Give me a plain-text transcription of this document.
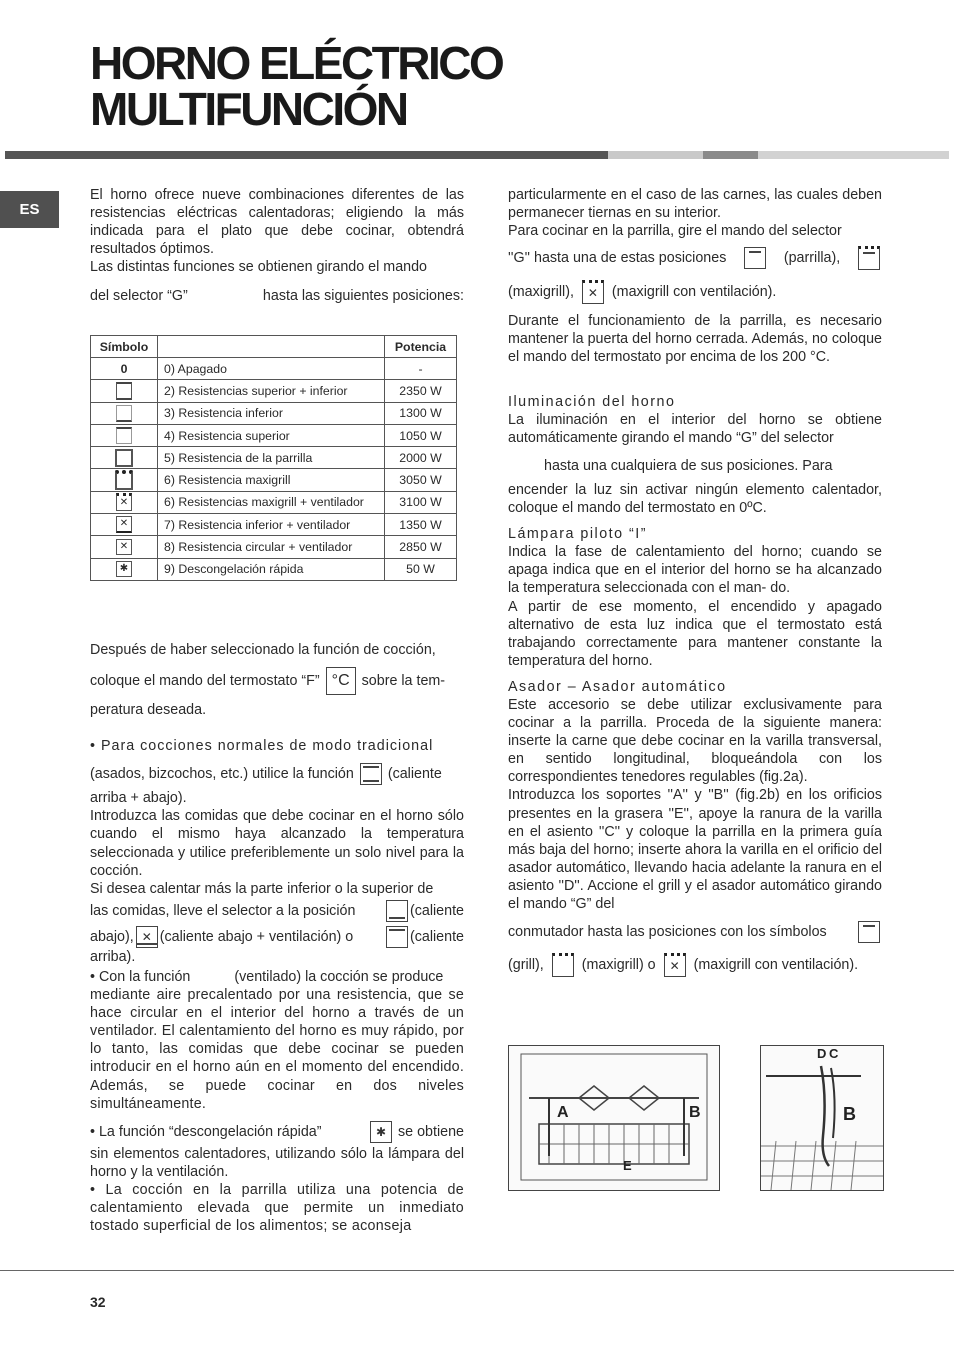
HORNO ELÉCTRICO
MULTIFUNCIÓN
ES

El horno ofrece nueve combinaciones diferentes de las resistencias eléctricas calentadoras; eligiendo la más indicada para el plato que debe cocinar, obtendrá resultados óptimos.

Las distintas funciones se obtienen girando el mando

del selector “G”	hasta las siguientes posiciones:

Símbolo		Potencia
0	0) Apagado	-
	2) Resistencias superior + inferior	2350 W
	3) Resistencia inferior	1300 W
	4) Resistencia superior	1050 W
	5) Resistencia de la parrilla	2000 W
	6) Resistencia maxigrill	3050 W
✕	6) Resistencias maxigrill + ventilador	3100 W
✕	7) Resistencia inferior + ventilador	1350 W
✕	8) Resistencia circular + ventilador	2850 W
✱	9) Descongelación rápida	50 W

Después de haber seleccionado la función de cocción,

coloque el mando del termostato “F” °C sobre la tem-

peratura deseada.

• Para cocciones normales de modo tradicional

(asados, bizcochos, etc.) utilice la función (caliente

arriba + abajo).

Introduzca las comidas que debe cocinar en el horno sólo cuando el mismo haya alcanzado la temperatura seleccionada y utilice preferiblemente un solo nivel para la cocción.

Si desea calentar más la parte inferior o la superior de

las comidas, lleve el selector a la posición	(caliente

abajo), ✕ (caliente abajo + ventilación) o	(caliente

arriba).

• Con la función	(ventilado) la cocción se produce

mediante aire precalentado por una resistencia, que se hace circular en el interior del horno a través de un ventilador. El calentamiento del horno es muy rápido, por lo tanto, las comidas que debe cocinar se pueden introducir en el horno aún en el momento del encendido. Además, se puede cocinar en dos niveles simultáneamente.

• La función “descongelación rápida” ✱	se obtiene

sin elementos calentadores, utilizando sólo la lámpara del horno y la ventilación.

• La cocción en la parrilla utiliza una potencia de calentamiento elevada que permite un inmediato tostado superficial de los alimentos; se aconseja

particularmente en el caso de las carnes, las cuales deben permanecer tiernas en su interior.

Para cocinar en la parrilla, gire el mando del selector

''G'' hasta una de estas posiciones	(parrilla),

(maxigrill), ✕	(maxigrill con ventilación).

Durante el funcionamiento de la parrilla, es necesario mantener la puerta del horno cerrada. Además, no coloque el mando del termostato por encima de los 200 °C.

Iluminación del horno

La iluminación en el interior del horno se obtiene automáticamente girando el mando “G” del selector

hasta una cualquiera de sus posiciones. Para

encender la luz sin activar ningún elemento calentador, coloque el mando del termostato en 0ºC.

Lámpara piloto “I”

Indica la fase de calentamiento del horno; cuando se apaga indica que en el interior del horno se ha alcanzado la temperatura seleccionada con el man- do.

A partir de ese momento, el encendido y apagado alternativo de esta luz indica que el termostato está trabajando correctamente para mantener constante la temperatura del horno.

Asador – Asador automático

Este accesorio se debe utilizar exclusivamente para cocinar a la parrilla. Proceda de la siguiente manera: inserte la carne que debe cocinar en la varilla transversal, en sentido longitudinal, bloqueándola con los correspondientes tenedores regulables (fig.2a).

Introduzca los soportes ''A'' y ''B'' (fig.2b) en los orificios presentes en la grasera ''E'', apoye la ranura de la varilla en el asiento ''C'' y coloque la parrilla en la primera guía más baja del horno; inserte ahora la varilla en el orificio del asador automático, llevando hacia adelante la ranura en el asiento ''D''. Accione el grill y el asador automático girando el mando “G” del

conmutador hasta las posiciones con los símbolos

(grill),	(maxigrill) o ✕	(maxigrill con ventilación).

A	B
E
D C
B
32
